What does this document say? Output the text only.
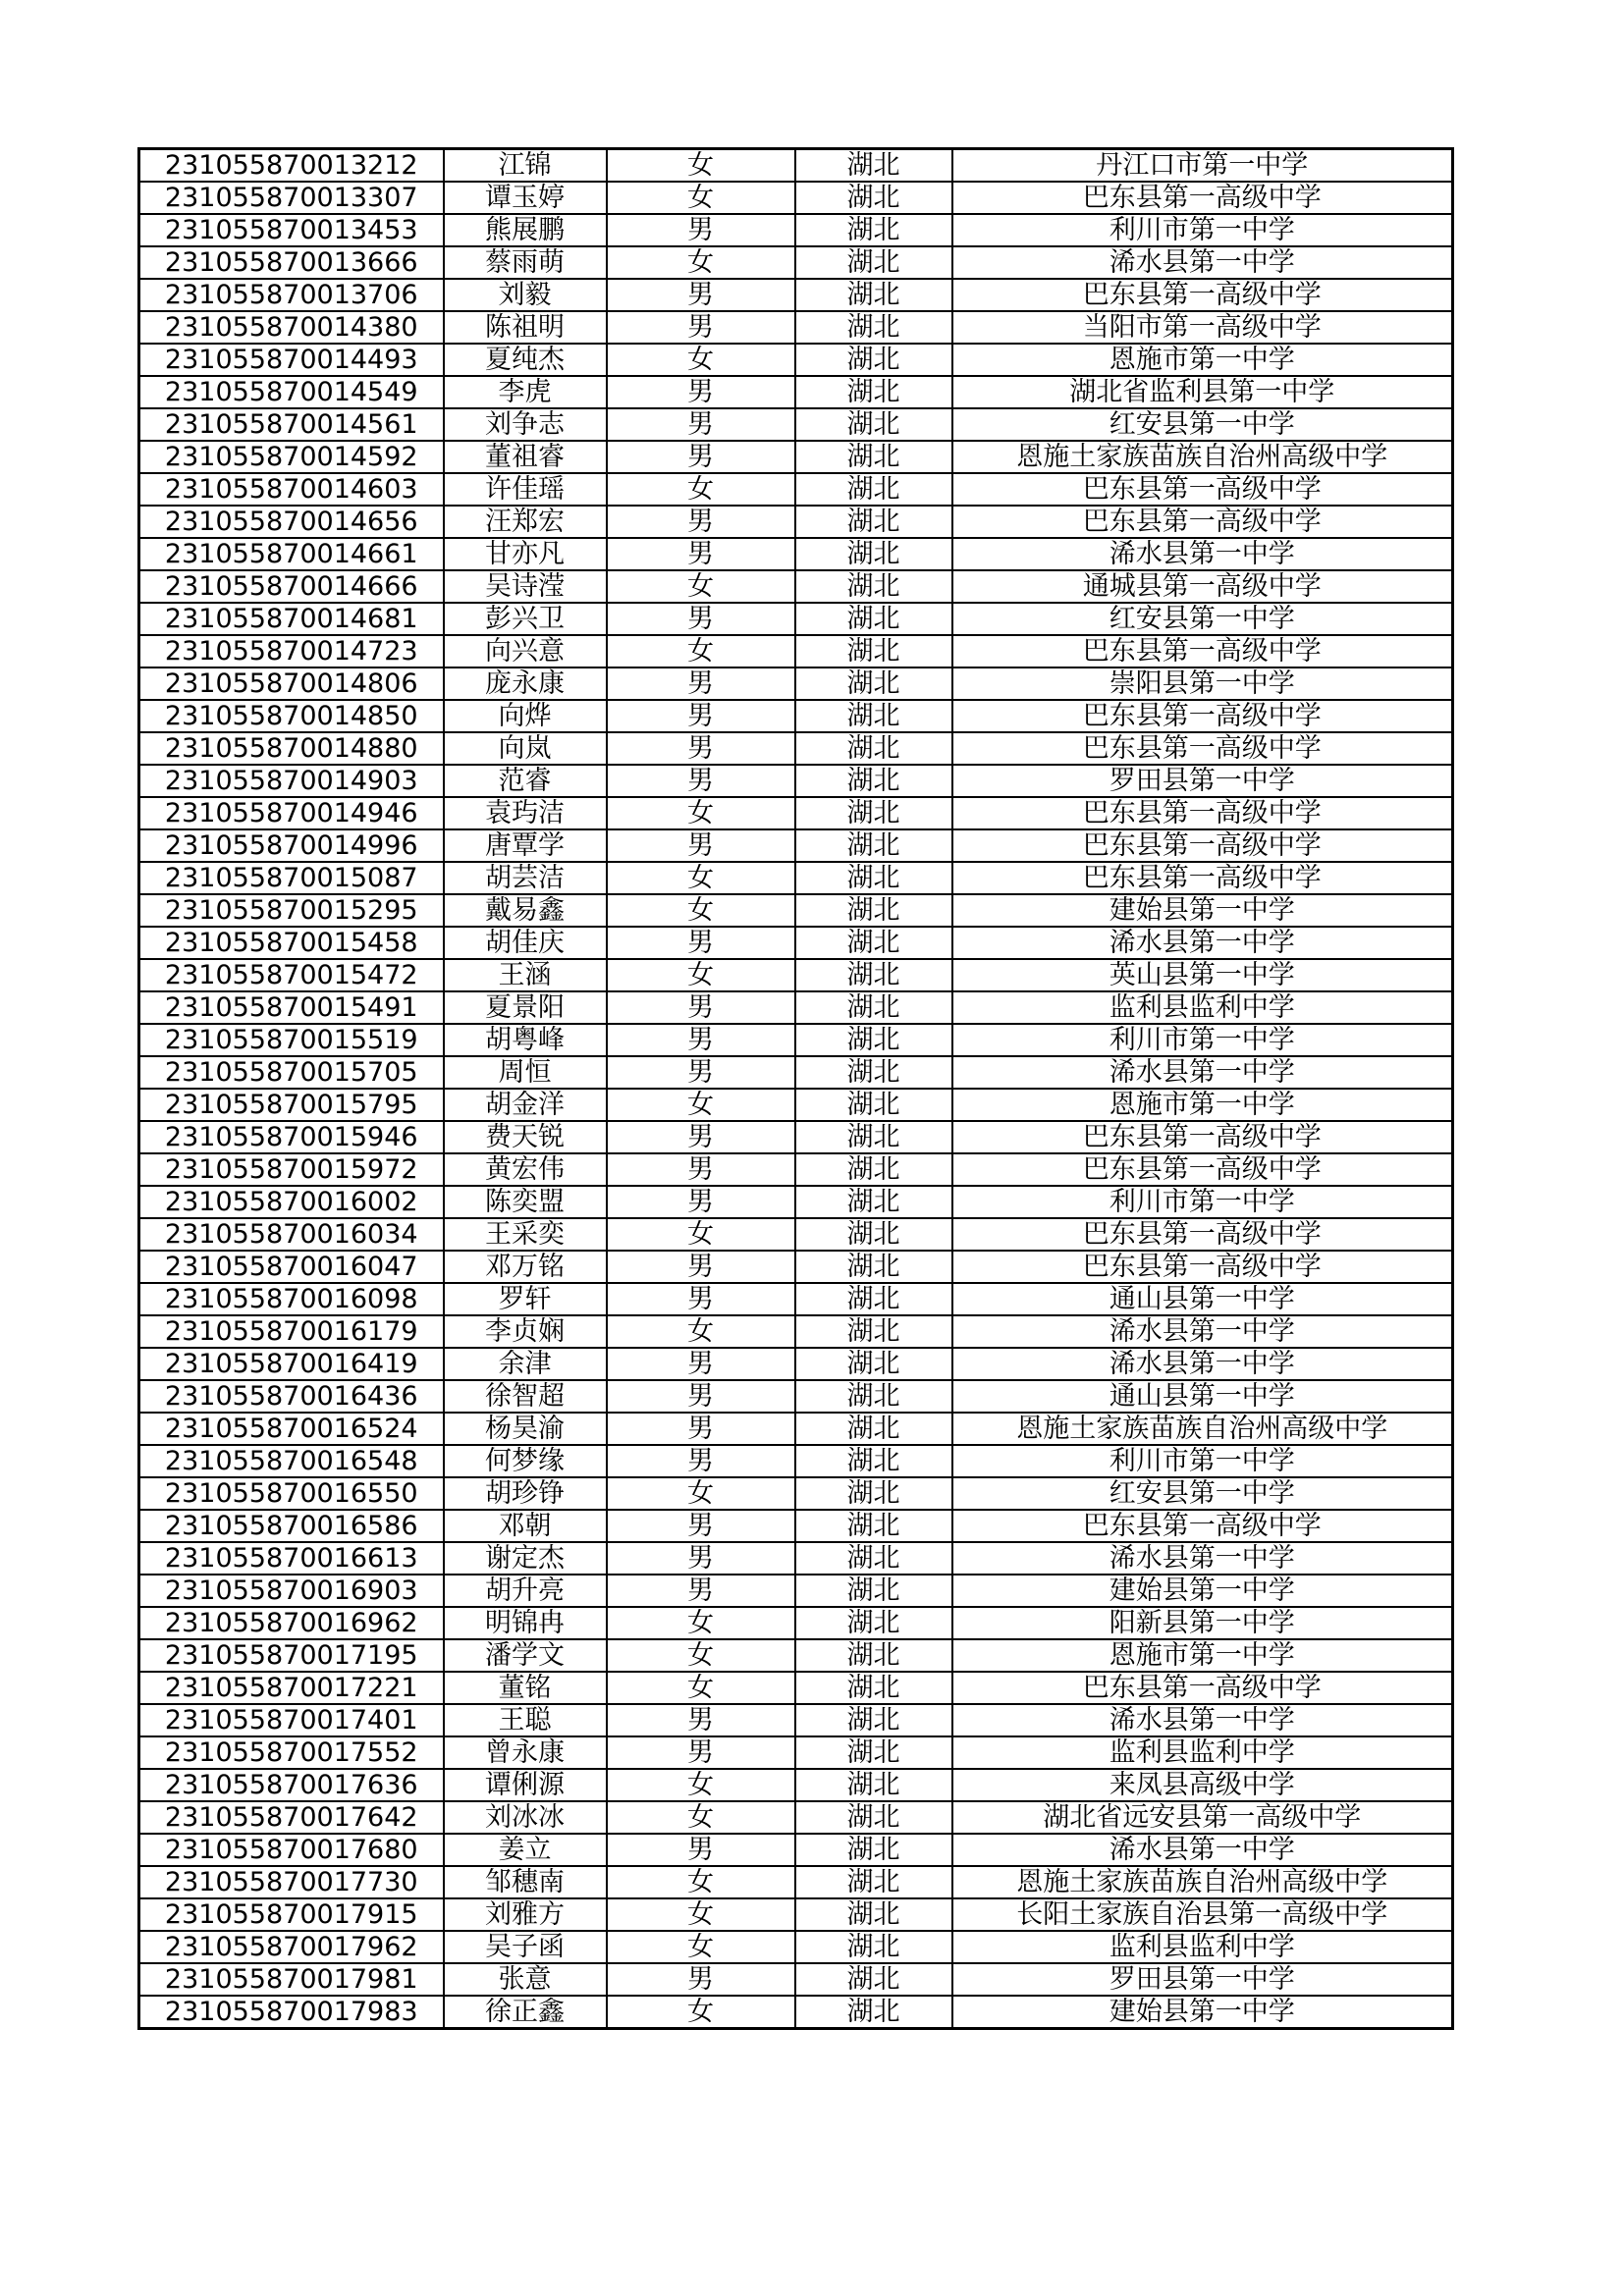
231055870013212	江锦	女	湖北	丹江口市第一中学
231055870013307	谭玉婷	女	湖北	巴东县第一高级中学
231055870013453	熊展鹏	男	湖北	利川市第一中学
231055870013666	蔡雨萌	女	湖北	浠水县第一中学
231055870013706	刘毅	男	湖北	巴东县第一高级中学
231055870014380	陈祖明	男	湖北	当阳市第一高级中学
231055870014493	夏纯杰	女	湖北	恩施市第一中学
231055870014549	李虎	男	湖北	湖北省监利县第一中学
231055870014561	刘争志	男	湖北	红安县第一中学
231055870014592	董祖睿	男	湖北	恩施土家族苗族自治州高级中学
231055870014603	许佳瑶	女	湖北	巴东县第一高级中学
231055870014656	汪郑宏	男	湖北	巴东县第一高级中学
231055870014661	甘亦凡	男	湖北	浠水县第一中学
231055870014666	吴诗滢	女	湖北	通城县第一高级中学
231055870014681	彭兴卫	男	湖北	红安县第一中学
231055870014723	向兴意	女	湖北	巴东县第一高级中学
231055870014806	庞永康	男	湖北	崇阳县第一中学
231055870014850	向烨	男	湖北	巴东县第一高级中学
231055870014880	向岚	男	湖北	巴东县第一高级中学
231055870014903	范睿	男	湖北	罗田县第一中学
231055870014946	袁玙洁	女	湖北	巴东县第一高级中学
231055870014996	唐覃学	男	湖北	巴东县第一高级中学
231055870015087	胡芸洁	女	湖北	巴东县第一高级中学
231055870015295	戴易鑫	女	湖北	建始县第一中学
231055870015458	胡佳庆	男	湖北	浠水县第一中学
231055870015472	王涵	女	湖北	英山县第一中学
231055870015491	夏景阳	男	湖北	监利县监利中学
231055870015519	胡粤峰	男	湖北	利川市第一中学
231055870015705	周恒	男	湖北	浠水县第一中学
231055870015795	胡金洋	女	湖北	恩施市第一中学
231055870015946	费天锐	男	湖北	巴东县第一高级中学
231055870015972	黄宏伟	男	湖北	巴东县第一高级中学
231055870016002	陈奕盟	男	湖北	利川市第一中学
231055870016034	王采奕	女	湖北	巴东县第一高级中学
231055870016047	邓万铭	男	湖北	巴东县第一高级中学
231055870016098	罗轩	男	湖北	通山县第一中学
231055870016179	李贞娴	女	湖北	浠水县第一中学
231055870016419	余津	男	湖北	浠水县第一中学
231055870016436	徐智超	男	湖北	通山县第一中学
231055870016524	杨昊渝	男	湖北	恩施土家族苗族自治州高级中学
231055870016548	何梦缘	男	湖北	利川市第一中学
231055870016550	胡珍铮	女	湖北	红安县第一中学
231055870016586	邓朝	男	湖北	巴东县第一高级中学
231055870016613	谢定杰	男	湖北	浠水县第一中学
231055870016903	胡升亮	男	湖北	建始县第一中学
231055870016962	明锦冉	女	湖北	阳新县第一中学
231055870017195	潘学文	女	湖北	恩施市第一中学
231055870017221	董铭	女	湖北	巴东县第一高级中学
231055870017401	王聪	男	湖北	浠水县第一中学
231055870017552	曾永康	男	湖北	监利县监利中学
231055870017636	谭俐源	女	湖北	来凤县高级中学
231055870017642	刘冰冰	女	湖北	湖北省远安县第一高级中学
231055870017680	姜立	男	湖北	浠水县第一中学
231055870017730	邹穗南	女	湖北	恩施土家族苗族自治州高级中学
231055870017915	刘雅方	女	湖北	长阳土家族自治县第一高级中学
231055870017962	吴子函	女	湖北	监利县监利中学
231055870017981	张意	男	湖北	罗田县第一中学
231055870017983	徐正鑫	女	湖北	建始县第一中学
